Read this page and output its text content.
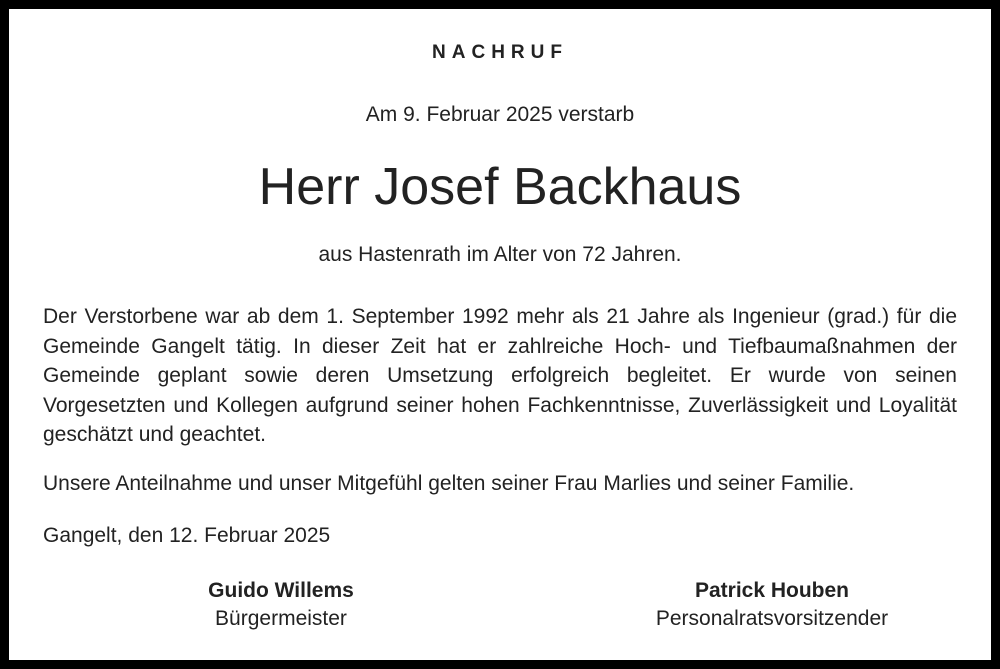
NACHRUF
Am 9. Februar 2025 verstarb
Herr Josef Backhaus
aus Hastenrath im Alter von 72 Jahren.
Der Verstorbene war ab dem 1. September 1992 mehr als 21 Jahre als Ingenieur (grad.) für die Gemeinde Gangelt tätig. In dieser Zeit hat er zahlreiche Hoch- und Tiefbaumaßnahmen der Gemeinde geplant sowie deren Umsetzung erfolgreich begleitet. Er wurde von seinen Vorgesetzten und Kollegen aufgrund seiner hohen Fachkenntnisse, Zuverlässigkeit und Loyalität geschätzt und geachtet.
Unsere Anteilnahme und unser Mitgefühl gelten seiner Frau Marlies und seiner Familie.
Gangelt, den 12. Februar 2025
Guido Willems
Bürgermeister
Patrick Houben
Personalratsvorsitzender
